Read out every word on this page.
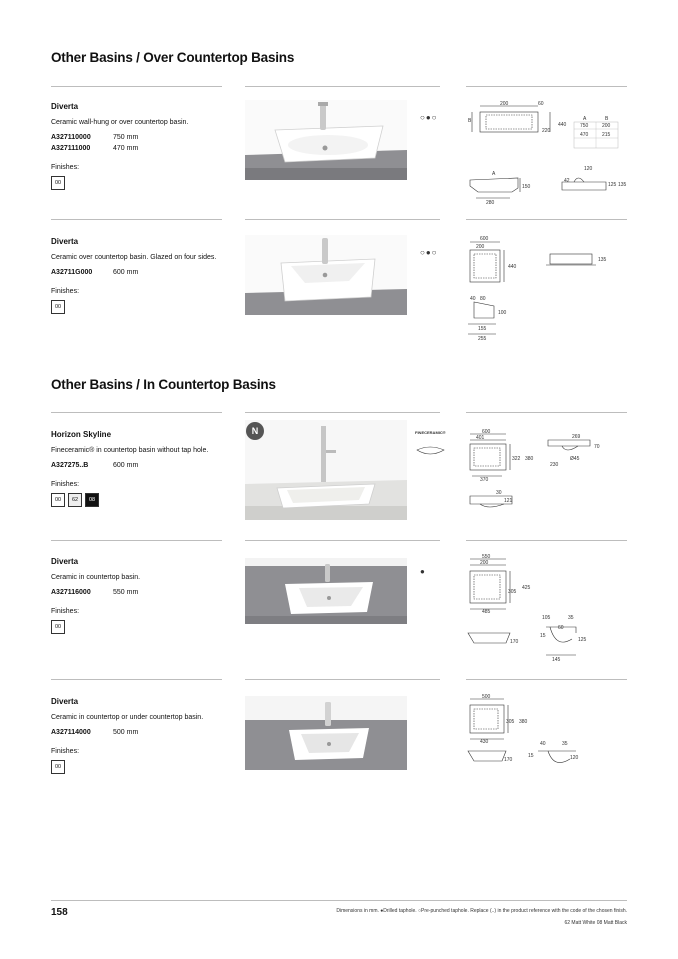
Other Basins / Over Countertop Basins
Diverta
Ceramic wall-hung or over countertop basin.
A327110000	750 mm
A327111000	470 mm
Finishes:
00
○●○
200	60
B
220
440
A
120
42
150
280
125 135
A	B
750	200
470	215
Diverta
Ceramic over countertop basin. Glazed on four sides.
A32711G000	600 mm
Finishes:
00
○●○
600
200
440
135
40 80
100
155
255
Other Basins / In Countertop Basins
Horizon Skyline
Fineceramic® in countertop basin without tap hole.
A327275..B	600 mm
Finishes:
00	62	08
N	FINECERAMIC®	600
401
322 380
370
269
70
230
Ø45
30
121
Diverta
Ceramic in countertop basin.
A327116000	550 mm
Finishes:
00
●
550
200
305
425
485
105	35
60
15
125
170
145
Diverta
Ceramic in countertop or under countertop basin.
A327114000	500 mm
Finishes:
00
500
305 380
430	40	35
15	120
170
158	Dimensions in mm. ●Drilled taphole. ○Pre-punched taphole. Replace (..) in the product reference with the code of the chosen finish.
62 Matt White 08 Matt Black
